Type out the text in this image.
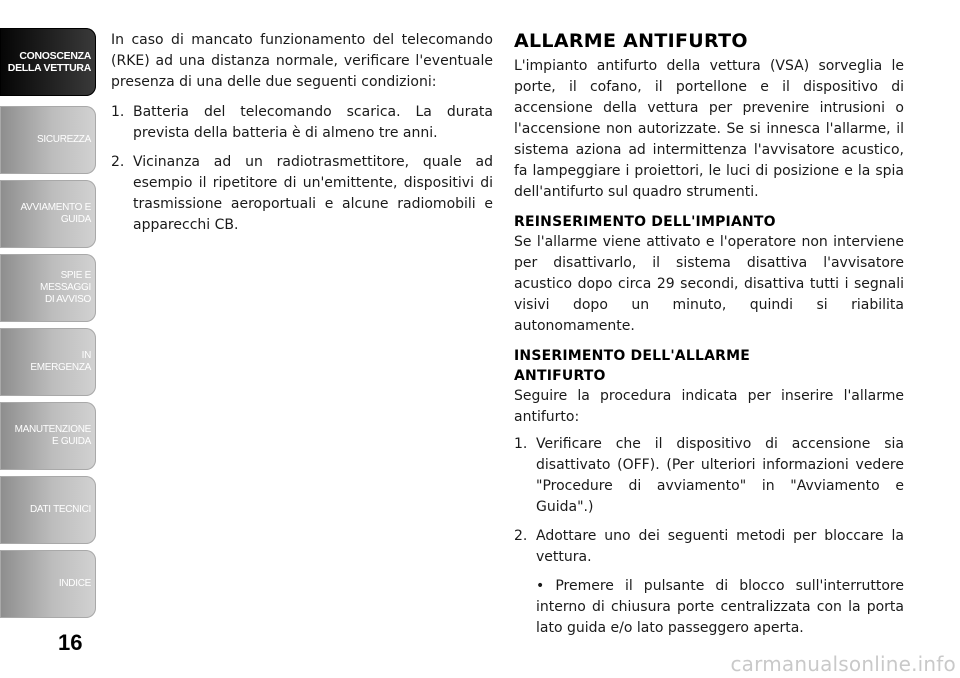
CONOSCENZA
DELLA VETTURA
SICUREZZA
AVVIAMENTO E
GUIDA
SPIE E
MESSAGGI
DI AVVISO
IN
EMERGENZA
MANUTENZIONE
E GUIDA
DATI TECNICI
INDICE
16

In caso di mancato funzionamento del telecomando (RKE) ad una distanza normale, verificare l'eventuale presenza di una delle due seguenti condizioni:

1. Batteria del telecomando scarica. La durata prevista della batteria è di almeno tre anni.
2. Vicinanza ad un radiotrasmettitore, quale ad esempio il ripetitore di un'emittente, dispositivi di trasmissione aeroportuali e alcune radiomobili e apparecchi CB.
ALLARME ANTIFURTO

L'impianto antifurto della vettura (VSA) sorveglia le porte, il cofano, il portellone e il dispositivo di accensione della vettura per prevenire intrusioni o l'accensione non autorizzate. Se si innesca l'allarme, il sistema aziona ad intermittenza l'avvisatore acustico, fa lampeggiare i proiettori, le luci di posizione e la spia dell'antifurto sul quadro strumenti.

REINSERIMENTO DELL'IMPIANTO

Se l'allarme viene attivato e l'operatore non interviene per disattivarlo, il sistema disattiva l'avvisatore acustico dopo circa 29 secondi, disattiva tutti i segnali visivi dopo un minuto, quindi si riabilita autonomamente.

INSERIMENTO DELL'ALLARME
ANTIFURTO

Seguire la procedura indicata per inserire l'allarme antifurto:

1. Verificare che il dispositivo di accensione sia disattivato (OFF). (Per ulteriori informazioni vedere "Procedure di avviamento" in "Avviamento e Guida".)
2. Adottare uno dei seguenti metodi per bloccare la vettura.
• Premere il pulsante di blocco sull'interruttore interno di chiusura porte centralizzata con la porta lato guida e/o lato passeggero aperta.
carmanualsonline.info
